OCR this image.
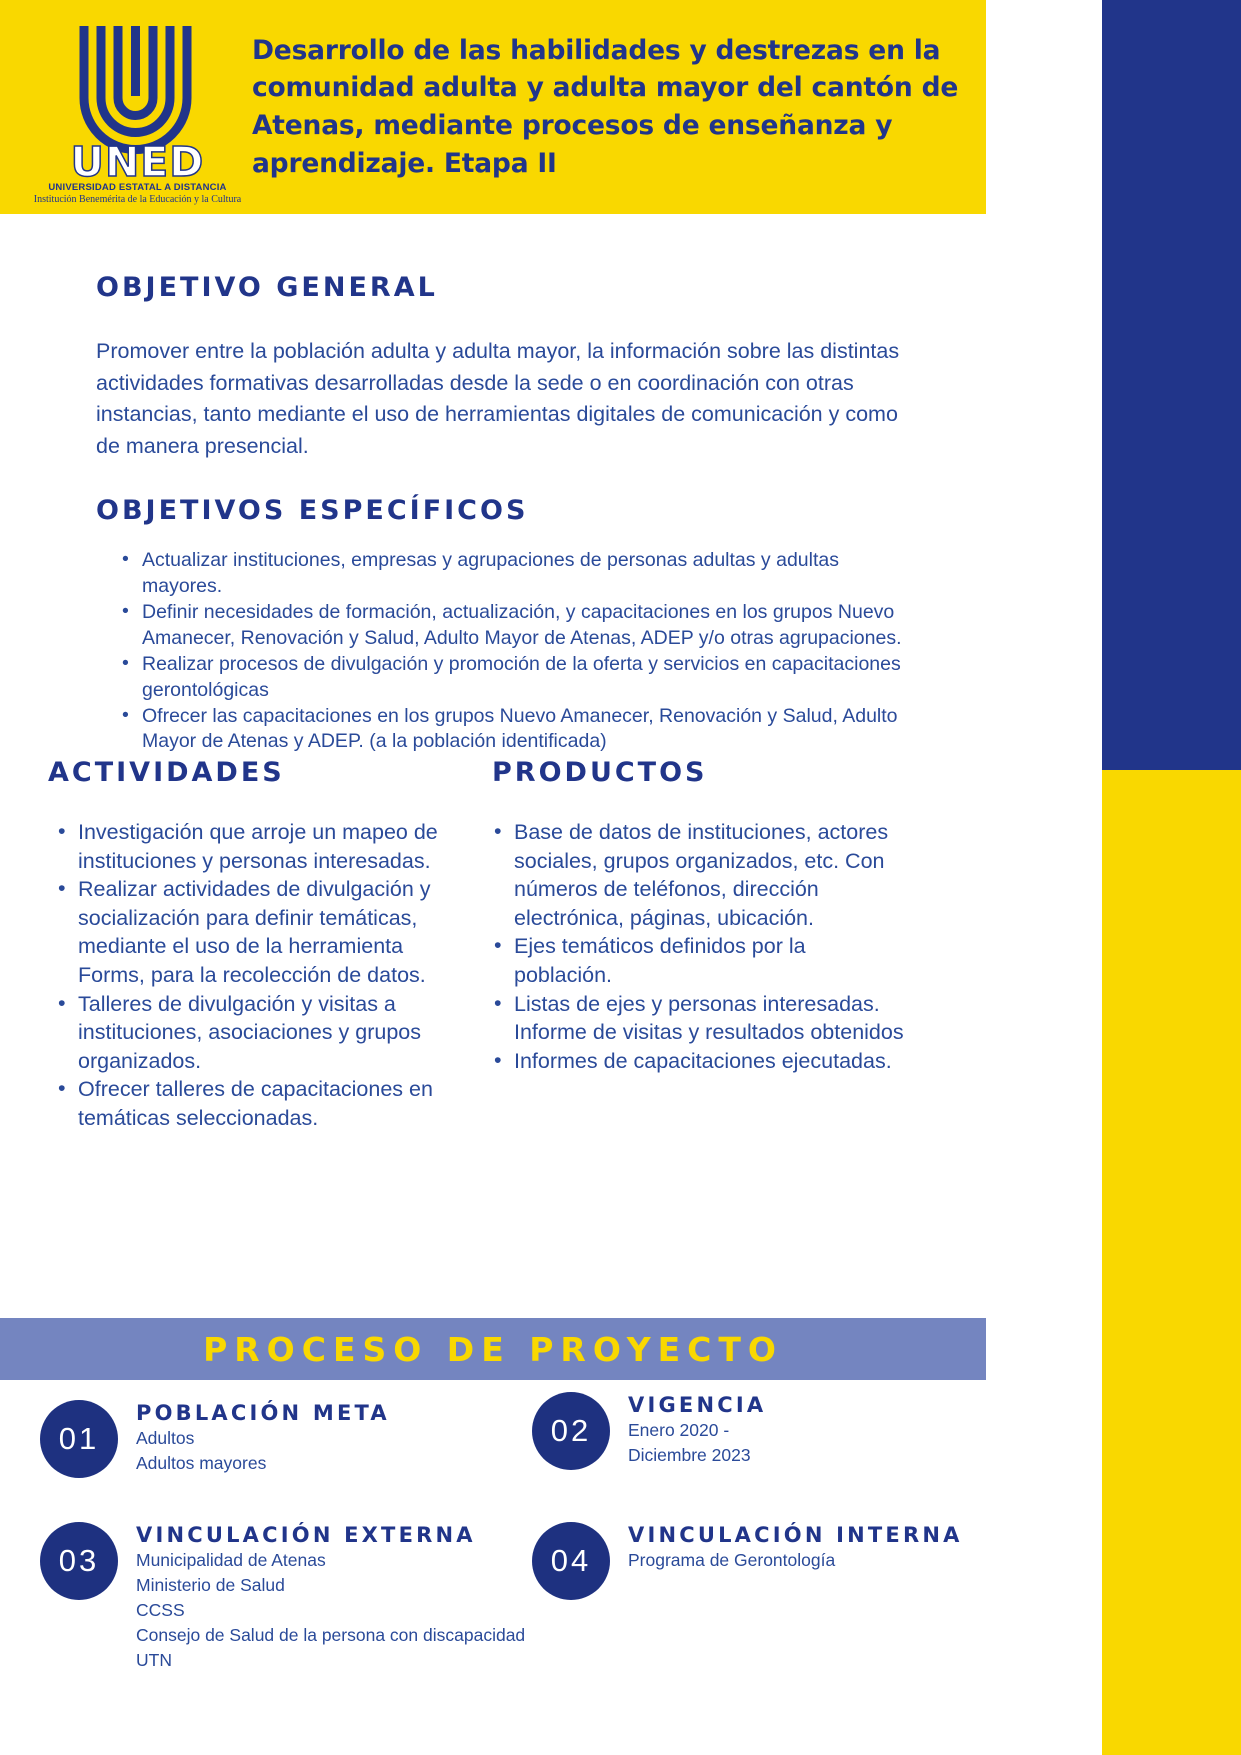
UNED
UNIVERSIDAD ESTATAL A DISTANCIA
Institución Benemérita de la Educación y la Cultura
Desarrollo de las habilidades y destrezas en la comunidad adulta y adulta mayor del cantón de Atenas, mediante procesos de enseñanza y aprendizaje. Etapa II
OBJETIVO GENERAL
Promover entre la población adulta y adulta mayor, la información sobre las distintas actividades formativas desarrolladas desde la sede o en coordinación con otras instancias, tanto mediante el uso de herramientas digitales de comunicación y como de manera presencial.
OBJETIVOS ESPECÍFICOS
• Actualizar instituciones, empresas y agrupaciones de personas adultas y adultas mayores.
• Definir necesidades de formación, actualización, y capacitaciones en los grupos Nuevo Amanecer, Renovación y Salud, Adulto Mayor de Atenas, ADEP y/o otras agrupaciones.
• Realizar procesos de divulgación y promoción de la oferta y servicios en capacitaciones gerontológicas
• Ofrecer las capacitaciones en los grupos Nuevo Amanecer, Renovación y Salud, Adulto Mayor de Atenas y ADEP. (a la población identificada)
ACTIVIDADES
• Investigación que arroje un mapeo de instituciones y personas interesadas.
• Realizar actividades de divulgación y socialización para definir temáticas, mediante el uso de la herramienta Forms, para la recolección de datos.
• Talleres de divulgación y visitas a instituciones, asociaciones y grupos organizados.
• Ofrecer talleres de capacitaciones en temáticas seleccionadas.
PRODUCTOS
• Base de datos de instituciones, actores sociales, grupos organizados, etc. Con números de teléfonos, dirección electrónica, páginas, ubicación.
• Ejes temáticos definidos por la población.
• Listas de ejes y personas interesadas.
Informe de visitas y resultados obtenidos
• Informes de capacitaciones ejecutadas.
PROCESO DE PROYECTO
01
POBLACIÓN META
Adultos
Adultos mayores
02
VIGENCIA
Enero 2020 -
Diciembre 2023
03
VINCULACIÓN EXTERNA
Municipalidad de Atenas
Ministerio de Salud
CCSS
Consejo de Salud de la persona con discapacidad
UTN
04
VINCULACIÓN INTERNA
Programa de Gerontología
